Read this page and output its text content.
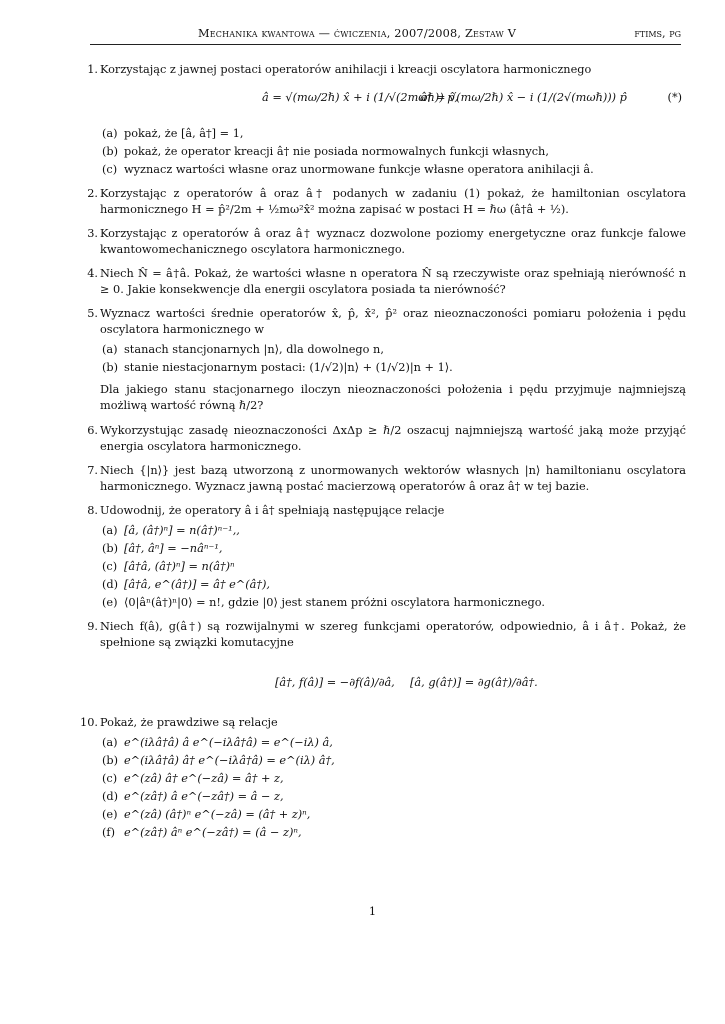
Mechanika kwantowa — ćwiczenia, 2007/2008, Zestaw V	ftims, pg
1. Korzystając z jawnej postaci operatorów anihilacji i kreacji oscylatora harmonicznego

â = √(mω/2ℏ) x̂ + i (1/√(2mωℏ)) p̂,
â† = √(mω/2ℏ) x̂ − i (1/(2√(mωℏ))) p̂	(*)
(a) pokaż, że [â, â†] = 1,
(b) pokaż, że operator kreacji â† nie posiada normowalnych funkcji własnych,
(c) wyznacz wartości własne oraz unormowane funkcje własne operatora anihilacji â.
2. Korzystając z operatorów â oraz â† podanych w zadaniu (1) pokaż, że hamiltonian oscylatora harmonicznego H = p̂²/2m + ½mω²x̂² można zapisać w postaci H = ℏω (â†â + ½).

3. Korzystając z operatorów â oraz â† wyznacz dozwolone poziomy energetyczne oraz funkcje falowe kwantowomechanicznego oscylatora harmonicznego.

4. Niech N̂ = â†â. Pokaż, że wartości własne n operatora N̂ są rzeczywiste oraz spełniają nierówność n ≥ 0. Jakie konsekwencje dla energii oscylatora posiada ta nierówność?

5. Wyznacz wartości średnie operatorów x̂, p̂, x̂², p̂² oraz nieoznaczoności pomiaru położenia i pędu oscylatora harmonicznego w

(a) stanach stancjonarnych |n⟩, dla dowolnego n,
(b) stanie niestacjonarnym postaci: (1/√2)|n⟩ + (1/√2)|n + 1⟩.

Dla jakiego stanu stacjonarnego iloczyn nieoznaczoności położenia i pędu przyjmuje najmniejszą możliwą wartość równą ℏ/2?

6. Wykorzystując zasadę nieoznaczoności ΔxΔp ≥ ℏ/2 oszacuj najmniejszą wartość jaką może przyjąć energia oscylatora harmonicznego.

7. Niech {|n⟩} jest bazą utworzoną z unormowanych wektorów własnych |n⟩ hamiltonianu oscylatora harmonicznego. Wyznacz jawną postać macierzową operatorów â oraz â† w tej bazie.

8. Udowodnij, że operatory â i â† spełniają następujące relacje

(a) [â, (â†)ⁿ] = n(â†)ⁿ⁻¹,,
(b) [â†, âⁿ] = −nâⁿ⁻¹,
(c) [â†â, (â†)ⁿ] = n(â†)ⁿ
(d) [â†â, e^(â†)] = â† e^(â†),
(e) ⟨0|âⁿ(â†)ⁿ|0⟩ = n!, gdzie |0⟩ jest stanem próżni oscylatora harmonicznego.
9. Niech f(â), g(â†) są rozwijalnymi w szereg funkcjami operatorów, odpowiednio, â i â†. Pokaż, że spełnione są związki komutacyjne

[â†, f(â)] = −∂f(â)/∂â, [â, g(â†)] = ∂g(â†)/∂â†.
10. Pokaż, że prawdziwe są relacje

(a) e^(iλâ†â) â e^(−iλâ†â) = e^(−iλ) â,
(b) e^(iλâ†â) â† e^(−iλâ†â) = e^(iλ) â†,
(c) e^(zâ) â† e^(−zâ) = â† + z,
(d) e^(zâ†) â e^(−zâ†) = â − z,
(e) e^(zâ) (â†)ⁿ e^(−zâ) = (â† + z)ⁿ,
(f) e^(zâ†) âⁿ e^(−zâ†) = (â − z)ⁿ,
1
